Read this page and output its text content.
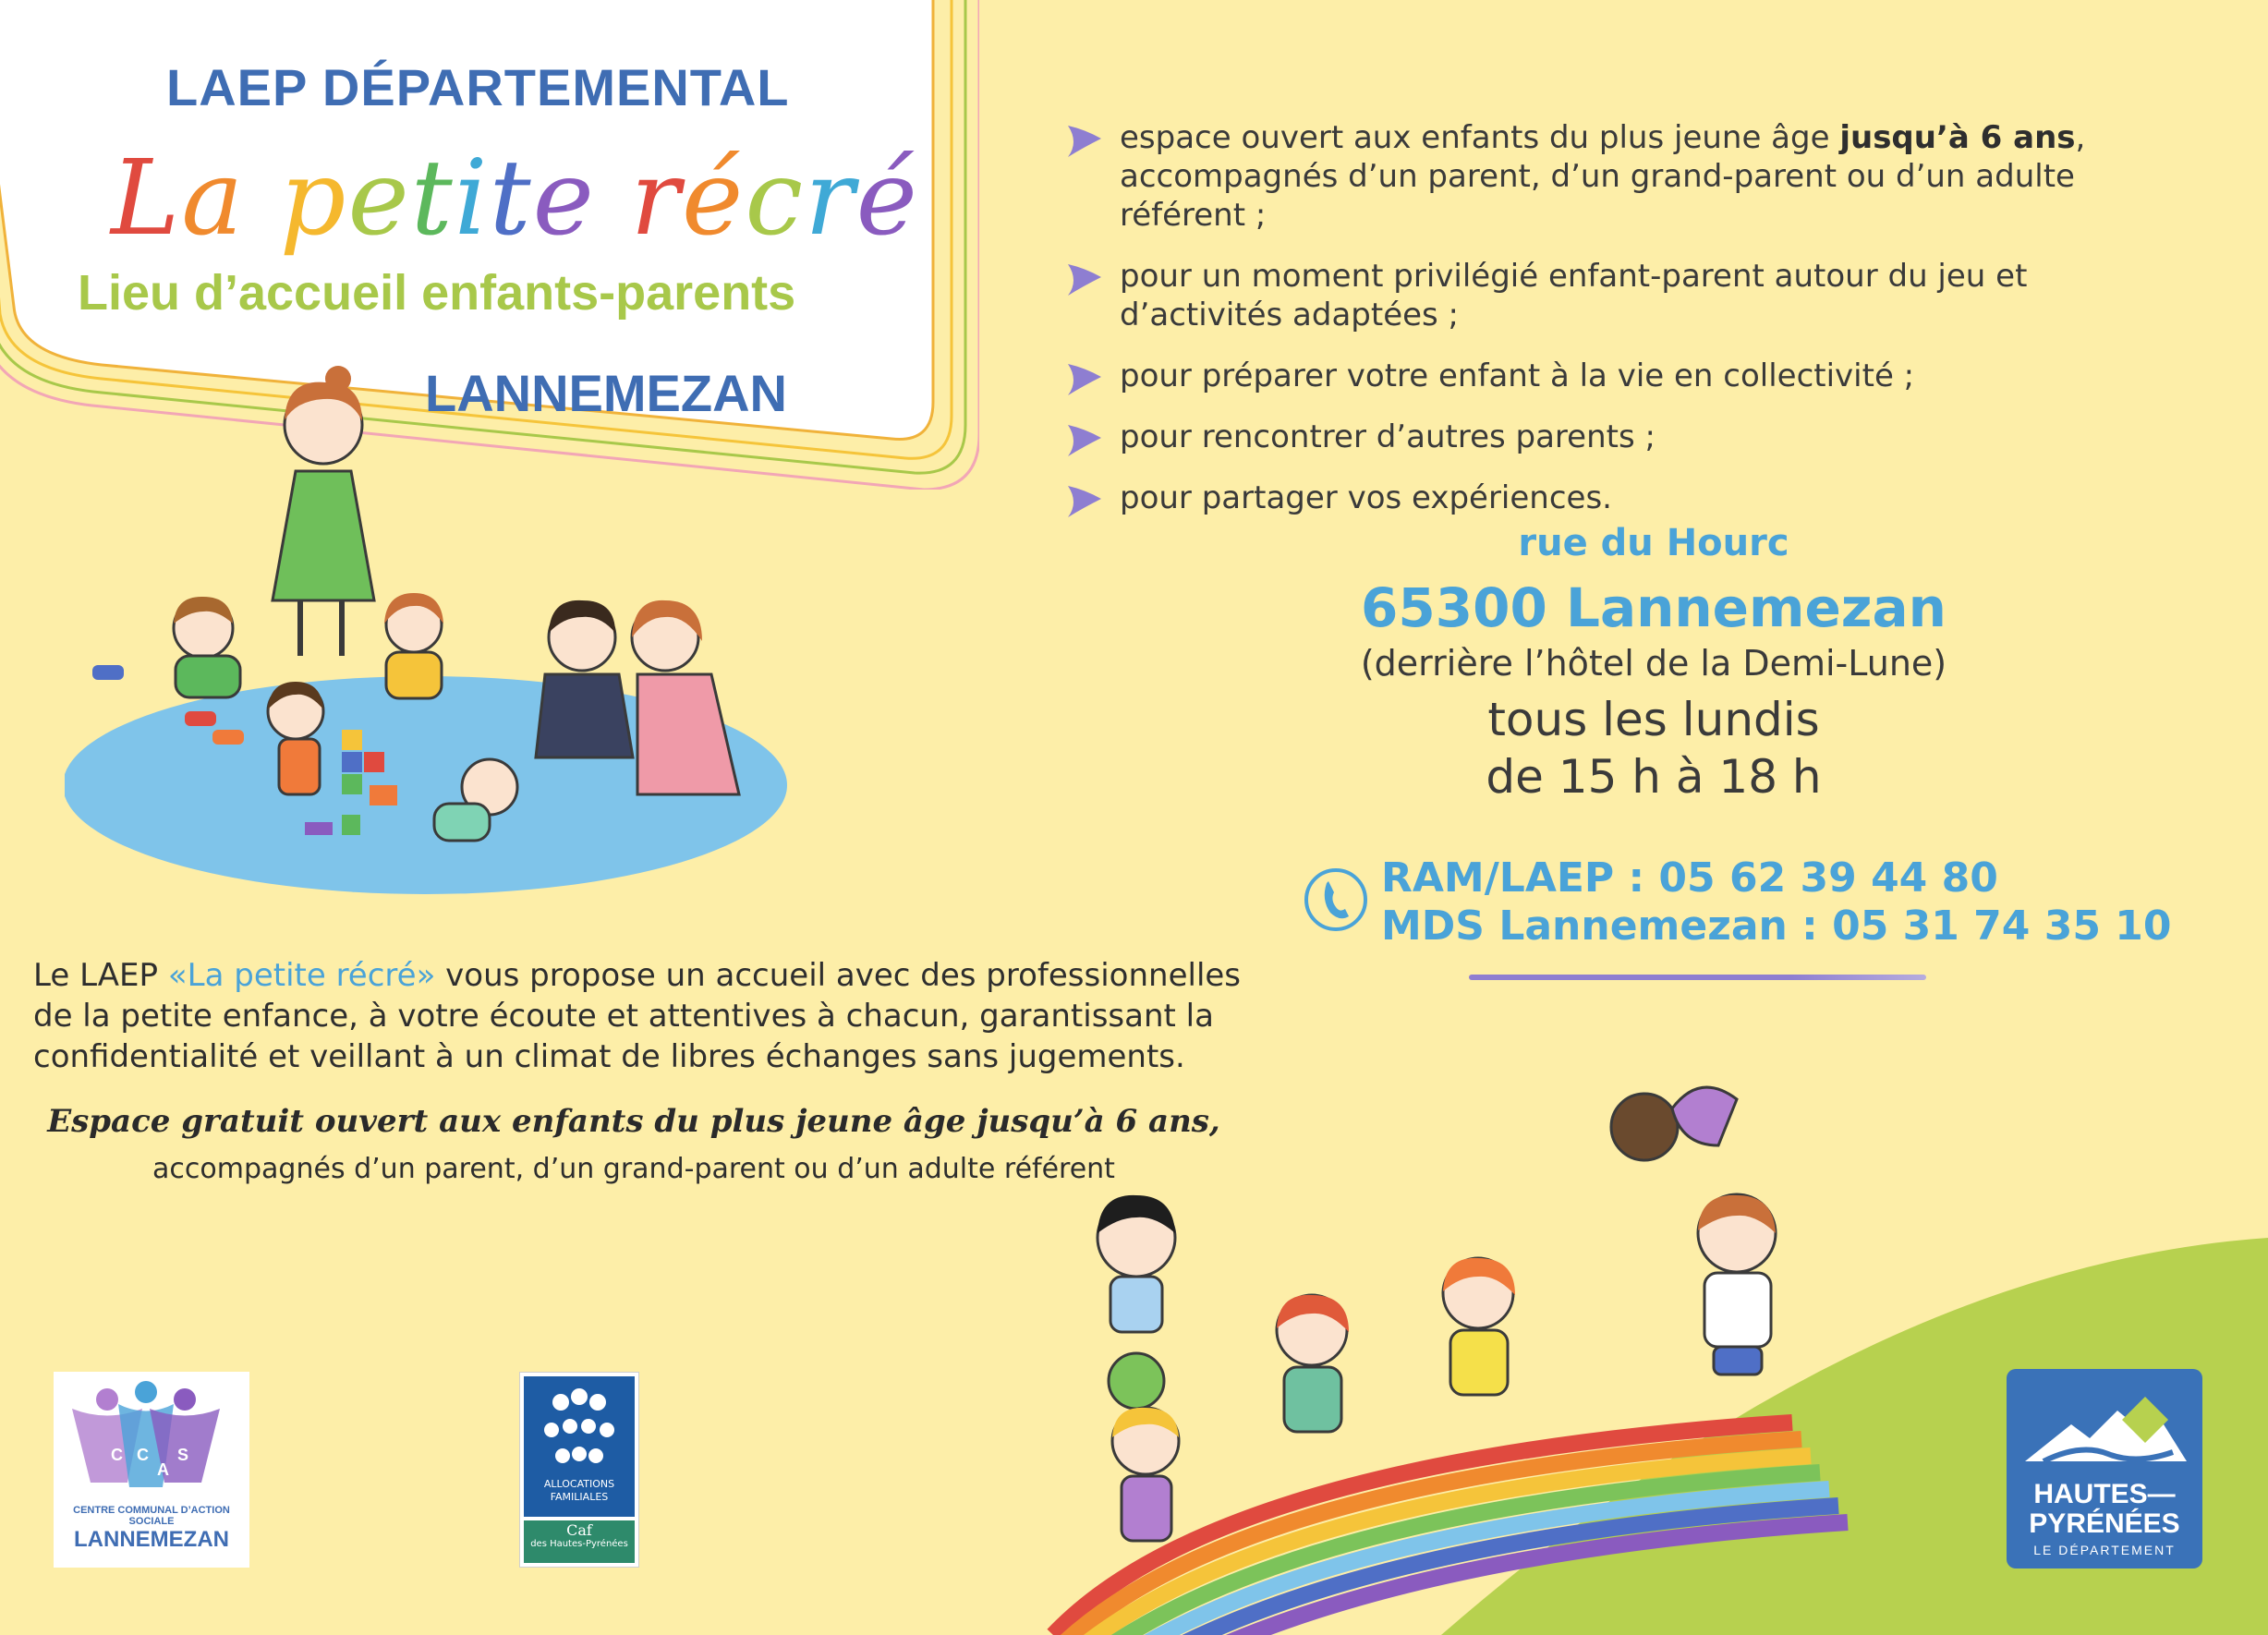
LAEP DÉPARTEMENTAL
La petite récré
Lieu d’accueil enfants-parents
LANNEMEZAN
espace ouvert aux enfants du plus jeune âge jusqu’à 6 ans, accompagnés d’un parent, d’un grand-parent ou d’un adulte référent ;
pour un moment privilégié enfant-parent autour du jeu et d’activités adaptées ;
pour préparer votre enfant à la vie en collectivité ;
pour rencontrer d’autres parents ;
pour partager vos expériences.
rue du Hourc
65300 Lannemezan
(derrière l’hôtel de la Demi-Lune)
tous les lundis
de 15 h à 18 h
RAM/LAEP : 05 62 39 44 80
MDS Lannemezan : 05 31 74 35 10
Le LAEP «La petite récré» vous propose un accueil avec des professionnelles de la petite enfance, à votre écoute et attentives à chacun, garantissant la confidentialité et veillant à un climat de libres échanges sans jugements.
Espace gratuit ouvert aux enfants du plus jeune âge jusqu’à 6 ans,
accompagnés d’un parent, d’un grand-parent ou d’un adulte référent
C C
A
S
CENTRE COMMUNAL D’ACTION SOCIALE
LANNEMEZAN
ALLOCATIONS FAMILIALES
Caf
des Hautes-Pyrénées
HAUTES—
PYRÉNÉES
LE DÉPARTEMENT
